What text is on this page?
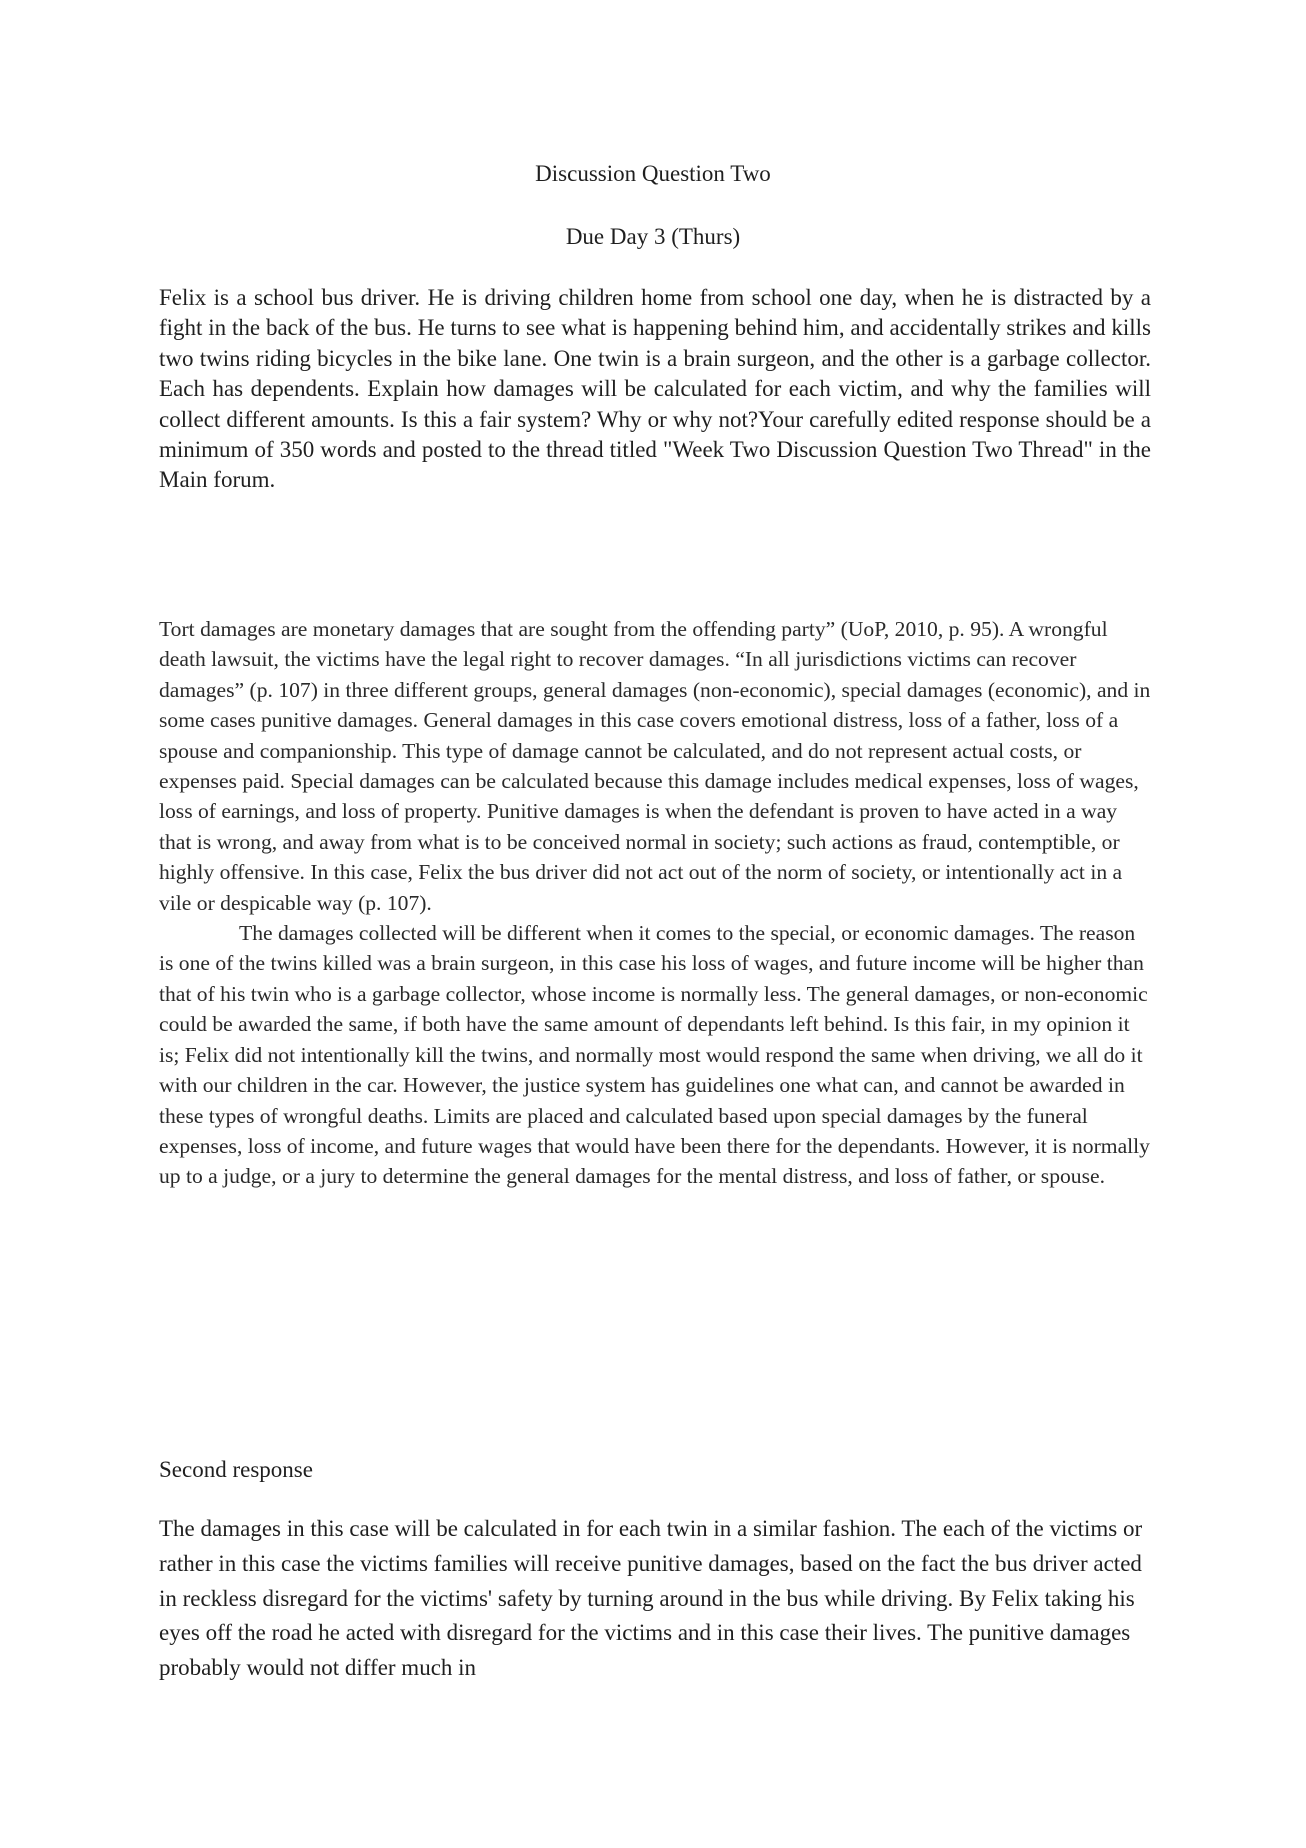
Discussion Question Two
Due Day 3 (Thurs)

Felix is a school bus driver. He is driving children home from school one day, when he is distracted by a fight in the back of the bus. He turns to see what is happening behind him, and accidentally strikes and kills two twins riding bicycles in the bike lane. One twin is a brain surgeon, and the other is a garbage collector. Each has dependents. Explain how damages will be calculated for each victim, and why the families will collect different amounts. Is this a fair system? Why or why not?Your carefully edited response should be a minimum of 350 words and posted to the thread titled "Week Two Discussion Question Two Thread" in the Main forum.

Tort damages are monetary damages that are sought from the offending party” (UoP, 2010, p. 95). A wrongful death lawsuit, the victims have the legal right to recover damages. “In all jurisdictions victims can recover damages” (p. 107) in three different groups, general damages (non-economic), special damages (economic), and in some cases punitive damages. General damages in this case covers emotional distress, loss of a father, loss of a spouse and companionship. This type of damage cannot be calculated, and do not represent actual costs, or expenses paid. Special damages can be calculated because this damage includes medical expenses, loss of wages, loss of earnings, and loss of property. Punitive damages is when the defendant is proven to have acted in a way that is wrong, and away from what is to be conceived normal in society; such actions as fraud, contemptible, or highly offensive. In this case, Felix the bus driver did not act out of the norm of society, or intentionally act in a vile or despicable way (p. 107).

The damages collected will be different when it comes to the special, or economic damages. The reason is one of the twins killed was a brain surgeon, in this case his loss of wages, and future income will be higher than that of his twin who is a garbage collector, whose income is normally less. The general damages, or non-economic could be awarded the same, if both have the same amount of dependants left behind. Is this fair, in my opinion it is; Felix did not intentionally kill the twins, and normally most would respond the same when driving, we all do it with our children in the car. However, the justice system has guidelines one what can, and cannot be awarded in these types of wrongful deaths. Limits are placed and calculated based upon special damages by the funeral expenses, loss of income, and future wages that would have been there for the dependants. However, it is normally up to a judge, or a jury to determine the general damages for the mental distress, and loss of father, or spouse.

Second response

The damages in this case will be calculated in for each twin in a similar fashion. The each of the victims or rather in this case the victims families will receive punitive damages, based on the fact the bus driver acted in reckless disregard for the victims' safety by turning around in the bus while driving. By Felix taking his eyes off the road he acted with disregard for the victims and in this case their lives. The punitive damages probably would not differ much in
